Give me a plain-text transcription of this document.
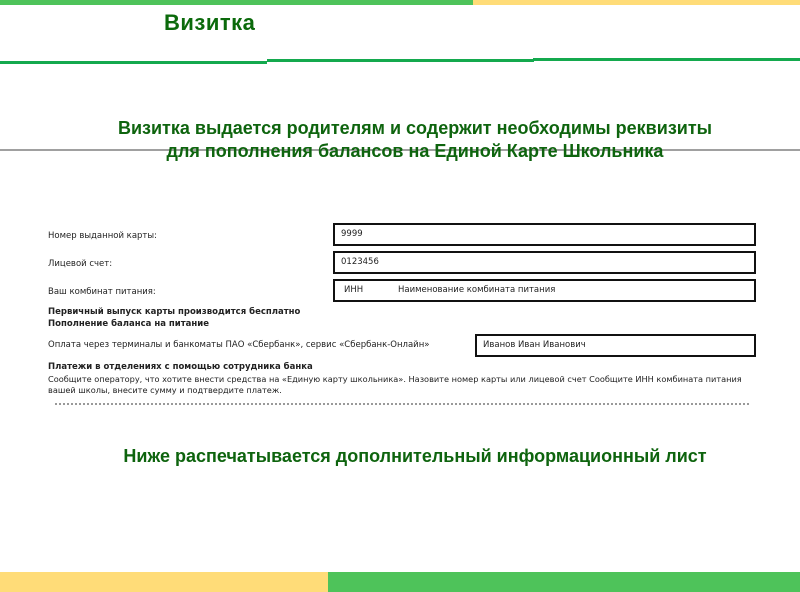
Визитка
Визитка выдается родителям и содержит необходимы реквизиты
для пополнения балансов на Единой Карте Школьника
Номер выданной карты:	9999
Лицевой счет:	0123456
Ваш комбинат питания:	ИНН	Наименование комбината питания
Первичный выпуск карты производится бесплатно
Пополнение баланса на питание
Оплата через терминалы и банкоматы ПАО «Сбербанк», сервис «Сбербанк-Онлайн»	Иванов Иван Иванович
Платежи в отделениях с помощью сотрудника банка
Сообщите оператору, что хотите внести средства на «Единую карту школьника». Назовите номер карты или лицевой счет Сообщите ИНН комбината питания
вашей школы, внесите сумму и подтвердите платеж.
Ниже распечатывается дополнительный информационный лист
